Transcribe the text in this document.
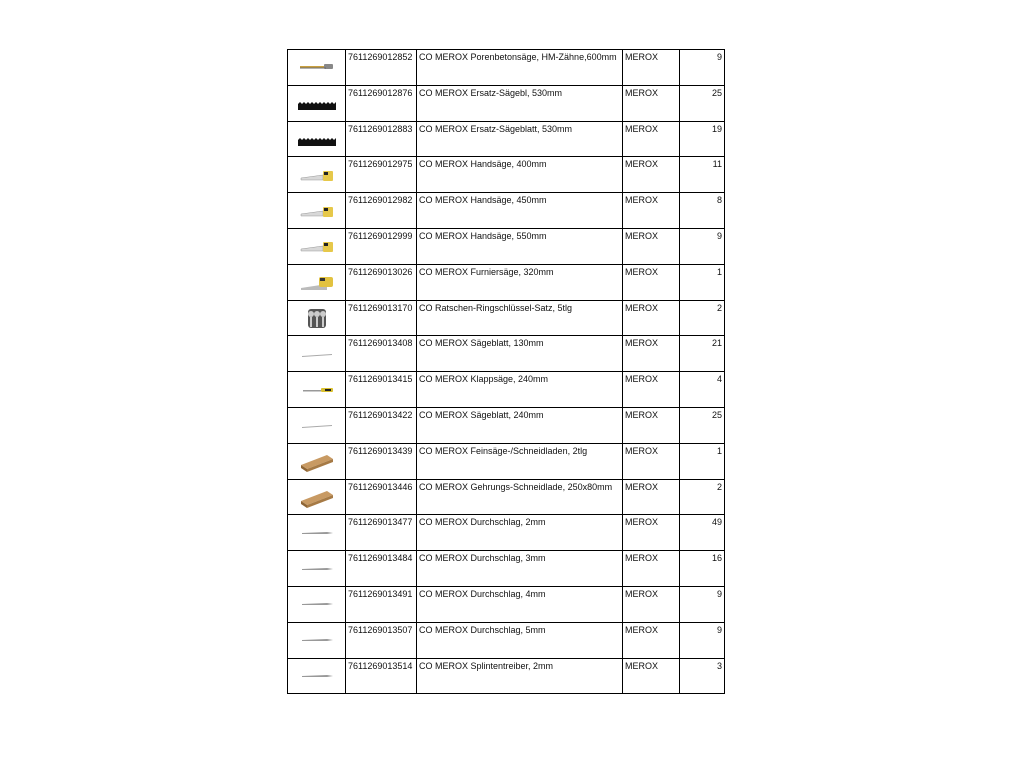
	7611269012852	CO MEROX Porenbetonsäge, HM-Zähne,600mm	MEROX	9

	7611269012876	CO MEROX Ersatz-Sägebl, 530mm	MEROX	25

	7611269012883	CO MEROX Ersatz-Sägeblatt, 530mm	MEROX	19

	7611269012975	CO MEROX Handsäge, 400mm	MEROX	11

	7611269012982	CO MEROX Handsäge, 450mm	MEROX	8

	7611269012999	CO MEROX Handsäge, 550mm	MEROX	9

	7611269013026	CO MEROX Furniersäge, 320mm	MEROX	1

	7611269013170	CO Ratschen-Ringschlüssel-Satz, 5tlg	MEROX	2

	7611269013408	CO MEROX Sägeblatt, 130mm	MEROX	21

	7611269013415	CO MEROX Klappsäge, 240mm	MEROX	4

	7611269013422	CO MEROX Sägeblatt, 240mm	MEROX	25

	7611269013439	CO MEROX Feinsäge-/Schneidladen, 2tlg	MEROX	1

	7611269013446	CO MEROX Gehrungs-Schneidlade, 250x80mm	MEROX	2

	7611269013477	CO MEROX Durchschlag, 2mm	MEROX	49

	7611269013484	CO MEROX Durchschlag, 3mm	MEROX	16

	7611269013491	CO MEROX Durchschlag, 4mm	MEROX	9

	7611269013507	CO MEROX Durchschlag, 5mm	MEROX	9

	7611269013514	CO MEROX Splintentreiber, 2mm	MEROX	3
